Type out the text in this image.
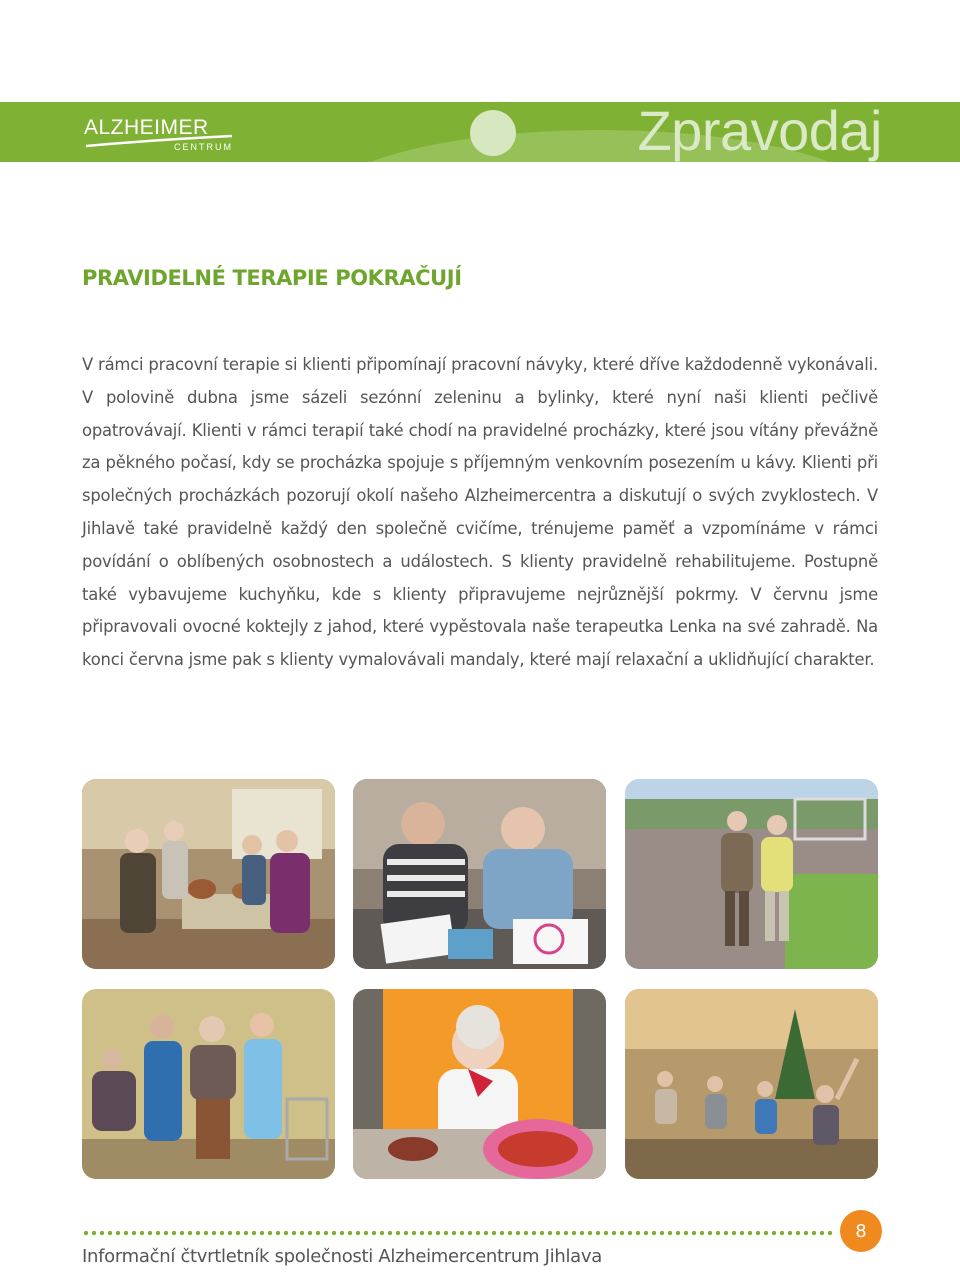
Zpravodaj
ALZHEIMER
CENTRUM
PRAVIDELNÉ TERAPIE POKRAČUJÍ

V rámci pracovní terapie si klienti připomínají pracovní návyky, které dříve každodenně vykonávali. V polovině dubna jsme sázeli sezónní zeleninu a bylinky, které nyní naši klienti pečlivě opatrovávají. Klienti v rámci terapií také chodí na pravidelné procházky, které jsou vítány převážně za pěkného počasí, kdy se procházka spojuje s příjemným venkovním posezením u kávy. Klienti při společných procházkách pozorují okolí našeho Alzheimercentra a diskutují o svých zvyklostech. V Jihlavě také pravidelně každý den společně cvičíme, trénujeme paměť a vzpomínáme v rámci povídání o oblíbených osobnostech a událostech. S klienty pravidelně rehabilitujeme. Postupně také vybavujeme kuchyňku, kde s klienty připravujeme nejrůznější pokrmy. V červnu jsme připravovali ovocné koktejly z jahod, které vypěstovala naše terapeutka Lenka na své zahradě. Na konci června jsme pak s klienty vymalovávali mandaly, které mají relaxační a uklidňující charakter.

8
Informační čtvrtletník společnosti Alzheimercentrum Jihlava
